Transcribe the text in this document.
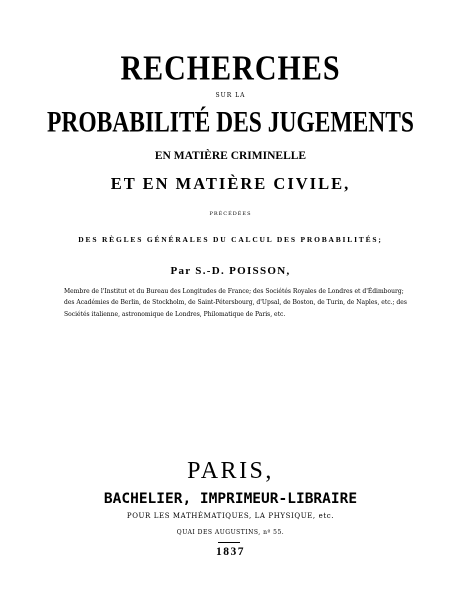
RECHERCHES
SUR LA
PROBABILITÉ DES JUGEMENTS
EN MATIÈRE CRIMINELLE
ET EN MATIÈRE CIVILE,
PRÉCÉDÉES
DES RÈGLES GÉNÉRALES DU CALCUL DES PROBABILITÉS;
Par S.-D. POISSON,
Membre de l'Institut et du Bureau des Longitudes de France; des Sociétés Royales de Londres et d'Édimbourg; des Académies de Berlin, de Stockholm, de Saint-Pétersbourg, d'Upsal, de Boston, de Turin, de Naples, etc.; des Sociétés italienne, astronomique de Londres, Philomatique de Paris, etc.
PARIS,
BACHELIER, IMPRIMEUR-LIBRAIRE
POUR LES MATHÉMATIQUES, LA PHYSIQUE, etc.
QUAI DES AUGUSTINS, nº 55.
1837
